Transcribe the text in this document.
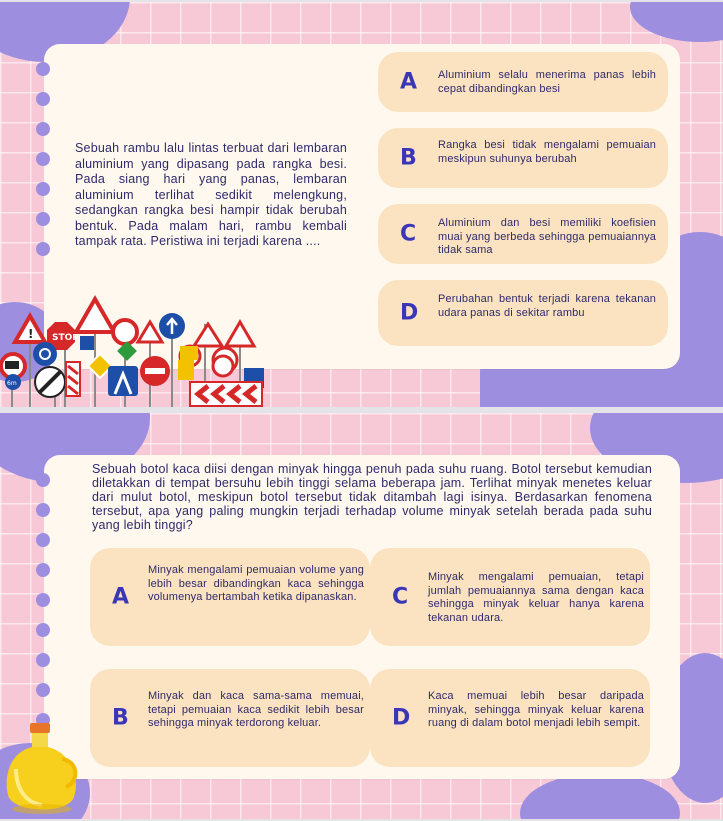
Sebuah rambu lalu lintas terbuat dari lembaran aluminium yang dipasang pada rangka besi. Pada siang hari yang panas, lembaran aluminium terlihat sedikit melengkung, sedangkan rangka besi hampir tidak berubah bentuk. Pada malam hari, rambu kembali tampak rata. Peristiwa ini terjadi karena ....

A Aluminium selalu menerima panas lebih cepat dibandingkan besi
B
Rangka besi tidak mengalami pemuaian meskipun suhunya berubah
C Aluminium dan besi memiliki koefisien muai yang berbeda sehingga pemuaiannya tidak sama
D
Perubahan bentuk terjadi karena tekanan udara panas di sekitar rambu
! STOP
6m

Sebuah botol kaca diisi dengan minyak hingga penuh pada suhu ruang. Botol tersebut kemudian diletakkan di tempat bersuhu lebih tinggi selama beberapa jam. Terlihat minyak menetes keluar dari mulut botol, meskipun botol tersebut tidak ditambah lagi isinya. Berdasarkan fenomena tersebut, apa yang paling mungkin terjadi terhadap volume minyak setelah berada pada suhu yang lebih tinggi?

A
Minyak mengalami pemuaian volume yang lebih besar dibandingkan kaca sehingga volumenya bertambah ketika dipanaskan.	C
Minyak mengalami pemuaian, tetapi jumlah pemuaiannya sama dengan kaca sehingga minyak keluar hanya karena tekanan udara.
B
Minyak dan kaca sama-sama memuai, tetapi pemuaian kaca sedikit lebih besar sehingga minyak terdorong keluar.	D
Kaca memuai lebih besar daripada minyak, sehingga minyak keluar karena ruang di dalam botol menjadi lebih sempit.
